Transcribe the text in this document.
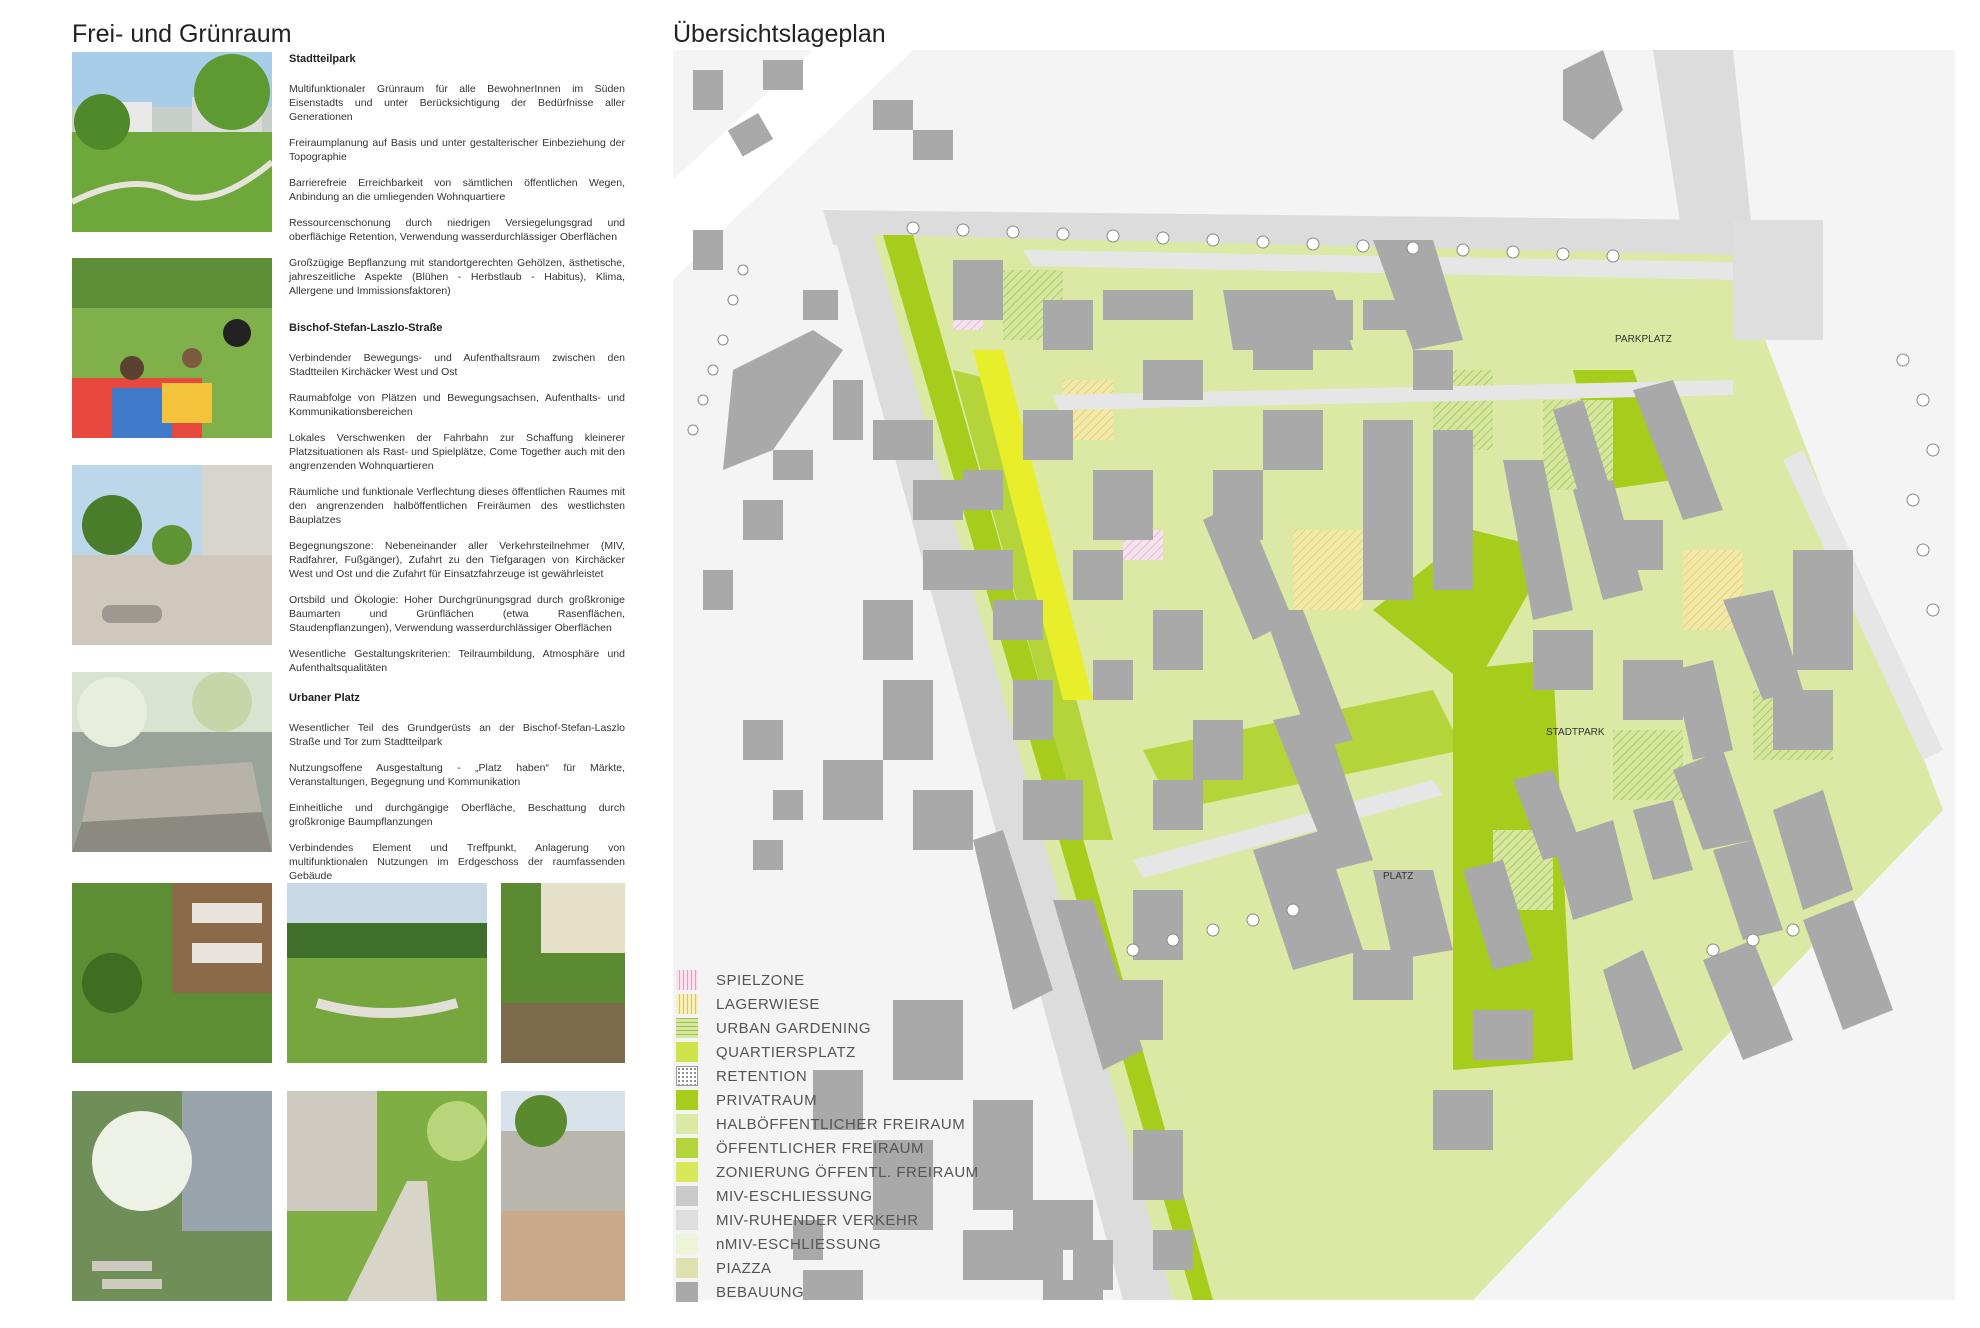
Frei- und Grünraum	Übersichtslageplan
Stadtteilpark

Multifunktionaler Grünraum für alle BewohnerInnen im Süden Eisenstadts und unter Berücksichtigung der Bedürfnisse aller Generationen

Freiraumplanung auf Basis und unter gestalterischer Einbeziehung der Topographie

Barrierefreie Erreichbarkeit von sämtlichen öffentlichen Wegen, Anbindung an die umliegenden Wohnquartiere

Ressourcenschonung durch niedrigen Versiegelungsgrad und oberflächige Retention, Verwendung wasserdurchlässiger Oberflächen

Großzügige Bepflanzung mit standortgerechten Gehölzen, ästhetische, jahreszeitliche Aspekte (Blühen - Herbstlaub - Habitus), Klima, Allergene und Immissionsfaktoren)

Bischof-Stefan-Laszlo-Straße

Verbindender Bewegungs- und Aufenthaltsraum zwischen den Stadtteilen Kirchäcker West und Ost

Raumabfolge von Plätzen und Bewegungsachsen, Aufenthalts- und Kommunikationsbereichen

Lokales Verschwenken der Fahrbahn zur Schaffung kleinerer Platzsituationen als Rast- und Spielplätze, Come Together auch mit den angrenzenden Wohnquartieren

Räumliche und funktionale Verflechtung dieses öffentlichen Raumes mit den angrenzenden halböffentlichen Freiräumen des westlichsten Bauplatzes

Begegnungszone: Nebeneinander aller Verkehrsteilnehmer (MIV, Radfahrer, Fußgänger), Zufahrt zu den Tiefgaragen von Kirchäcker West und Ost und die Zufahrt für Einsatzfahrzeuge ist gewährleistet

Ortsbild und Ökologie: Hoher Durchgrünungsgrad durch großkronige Baumarten und Grünflächen (etwa Rasenflächen, Staudenpflanzungen), Verwendung wasserdurchlässiger Oberflächen

Wesentliche Gestaltungskriterien: Teilraumbildung, Atmosphäre und Aufenthaltsqualitäten

Urbaner Platz

Wesentlicher Teil des Grundgerüsts an der Bischof-Stefan-Laszlo Straße und Tor zum Stadtteilpark

Nutzungsoffene Ausgestaltung - „Platz haben“ für Märkte, Veranstaltungen, Begegnung und Kommunikation

Einheitliche und durchgängige Oberfläche, Beschattung durch großkronige Baumpflanzungen

Verbindendes Element und Treffpunkt, Anlagerung von multifunktionalen Nutzungen im Erdgeschoss der raumfassenden Gebäude

PARKPLATZ
STADTPARK
PLATZ
SPIELZONE
LAGERWIESE
URBAN GARDENING
QUARTIERSPLATZ
RETENTION
PRIVATRAUM
HALBÖFFENTLICHER FREIRAUM
ÖFFENTLICHER FREIRAUM
ZONIERUNG ÖFFENTL. FREIRAUM
MIV-ESCHLIESSUNG
MIV-RUHENDER VERKEHR
nMIV-ESCHLIESSUNG
PIAZZA
BEBAUUNG
